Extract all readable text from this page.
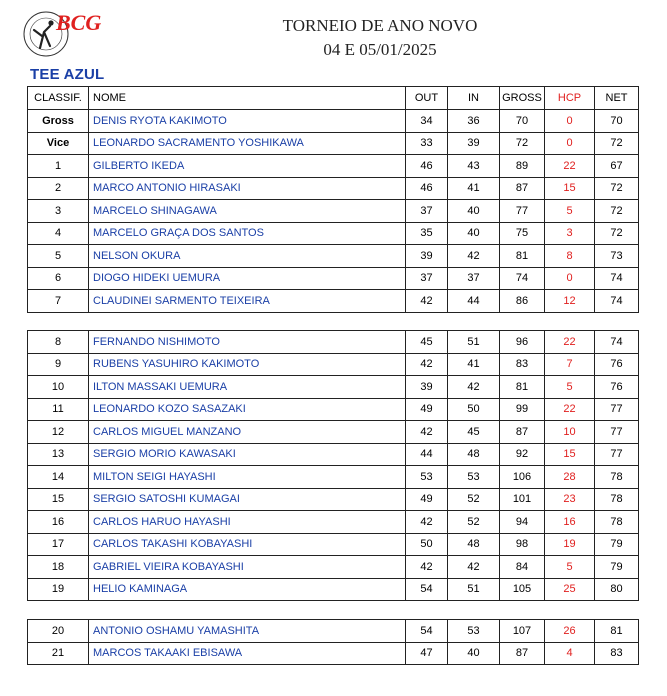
BCG	TORNEIO DE ANO NOVO
04 E 05/01/2025
TEE AZUL
CLASSIF.	NOME	OUT	IN	GROSS	HCP	NET
Gross	DENIS RYOTA KAKIMOTO	34	36	70	0	70
Vice	LEONARDO SACRAMENTO YOSHIKAWA	33	39	72	0	72
1	GILBERTO IKEDA	46	43	89	22	67
2	MARCO ANTONIO HIRASAKI	46	41	87	15	72
3	MARCELO SHINAGAWA	37	40	77	5	72
4	MARCELO GRAÇA DOS SANTOS	35	40	75	3	72
5	NELSON OKURA	39	42	81	8	73
6	DIOGO HIDEKI UEMURA	37	37	74	0	74
7	CLAUDINEI SARMENTO TEIXEIRA	42	44	86	12	74
8	FERNANDO NISHIMOTO	45	51	96	22	74
9	RUBENS YASUHIRO KAKIMOTO	42	41	83	7	76
10	ILTON MASSAKI UEMURA	39	42	81	5	76
11	LEONARDO KOZO SASAZAKI	49	50	99	22	77
12	CARLOS MIGUEL MANZANO	42	45	87	10	77
13	SERGIO MORIO KAWASAKI	44	48	92	15	77
14	MILTON SEIGI HAYASHI	53	53	106	28	78
15	SERGIO SATOSHI KUMAGAI	49	52	101	23	78
16	CARLOS HARUO HAYASHI	42	52	94	16	78
17	CARLOS TAKASHI KOBAYASHI	50	48	98	19	79
18	GABRIEL VIEIRA KOBAYASHI	42	42	84	5	79
19	HELIO KAMINAGA	54	51	105	25	80
20	ANTONIO OSHAMU YAMASHITA	54	53	107	26	81
21	MARCOS TAKAAKI EBISAWA	47	40	87	4	83
